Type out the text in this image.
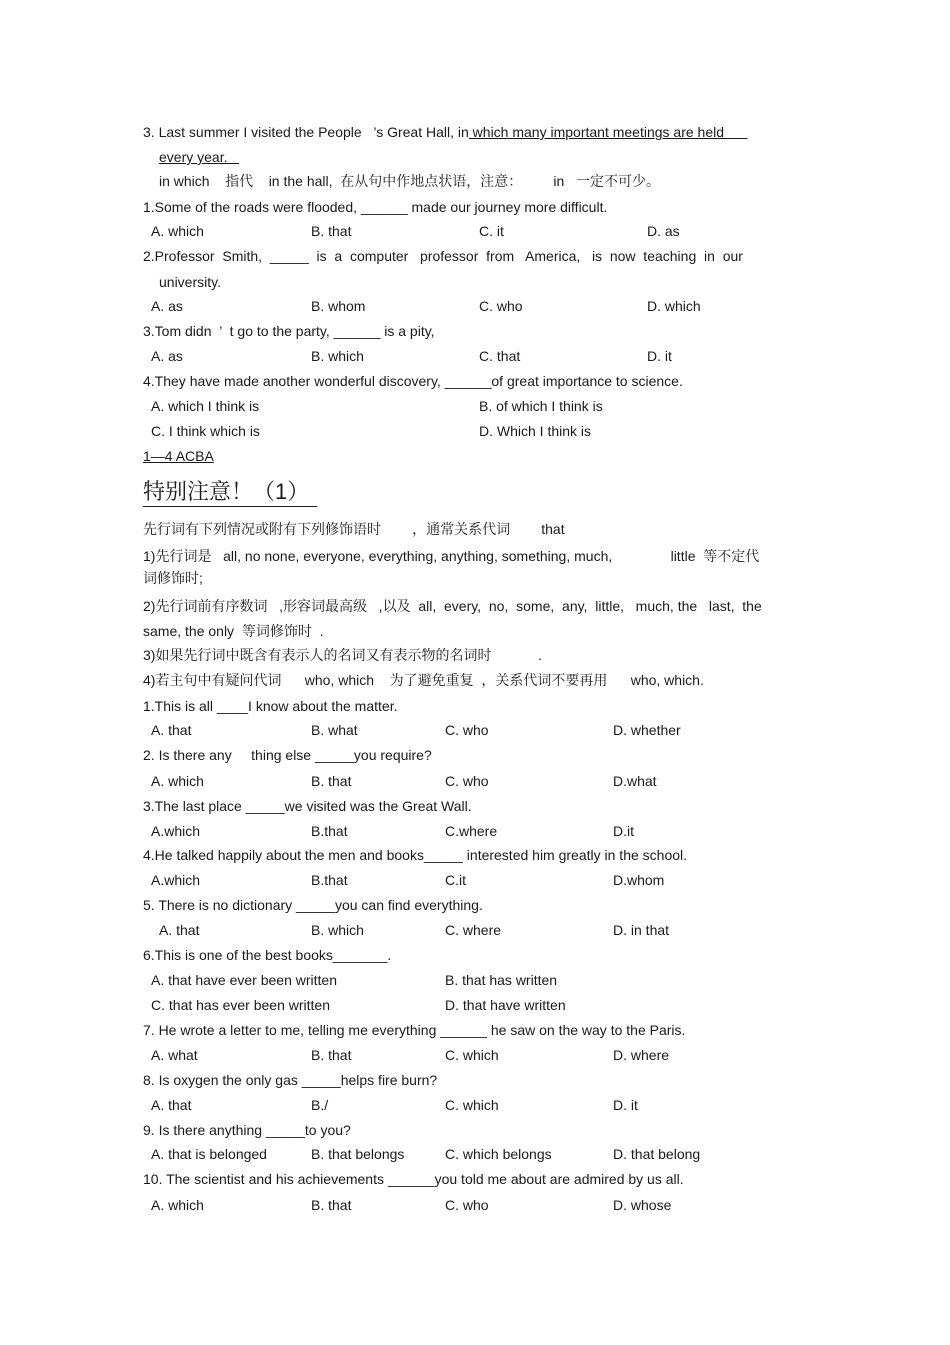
3. Last summer I visited the People   ’s Great Hall, in which many important meetings are held
every year.
in which    指代    in the hall,  在从句中作地点状语，注意：        in   一定不可少。
1.Some of the roads were flooded, ______ made our journey more difficult.
A. which	B. that	C. it	D. as
2.Professor  Smith,  _____  is  a  computer   professor  from   America,   is  now  teaching  in  our
university.
A. as	B. whom	C. who	D. which
3.Tom didn  ’  t go to the party, ______ is a pity,
A. as	B. which	C. that	D. it
4.They have made another wonderful discovery, ______of great importance to science.
A. which I think is	B. of which I think is
C. I think which is	D. Which I think is
1—4 ACBA
特别注意！（1）
先行词有下列情况或附有下列修饰语时        ，通常关系代词        that
1)先行词是   all, no none, everyone, everything, anything, something, much,               little  等不定代
词修饰时;
2)先行词前有序数词   ,形容词最高级   ,以及  all,  every,  no,  some,  any,  little,   much, the   last,  the
same, the only  等词修饰时  .
3)如果先行词中既含有表示人的名词又有表示物的名词时            .
4)若主句中有疑问代词      who, which    为了避免重复  ，关系代词不要再用      who, which.
1.This is all ____I know about the matter.
A. that	B. what	C. who	D. whether
2. Is there any     thing else _____you require?
A. which	B. that	C. who	D.what
3.The last place _____we visited was the Great Wall.
A.which	B.that	C.where	D.it
4.He talked happily about the men and books_____ interested him greatly in the school.
A.which	B.that	C.it	D.whom
5. There is no dictionary _____you can find everything.
A. that	B. which	C. where	D. in that
6.This is one of the best books_______.
A. that have ever been written	B. that has written
C. that has ever been written	D. that have written
7. He wrote a letter to me, telling me everything ______ he saw on the way to the Paris.
A. what	B. that	C. which	D. where
8. Is oxygen the only gas _____helps fire burn?
A. that	B./	C. which	D. it
9. Is there anything _____to you?
A. that is belonged	B. that belongs	C. which belongs	D. that belong
10. The scientist and his achievements ______you told me about are admired by us all.
A. which	B. that	C. who	D. whose
